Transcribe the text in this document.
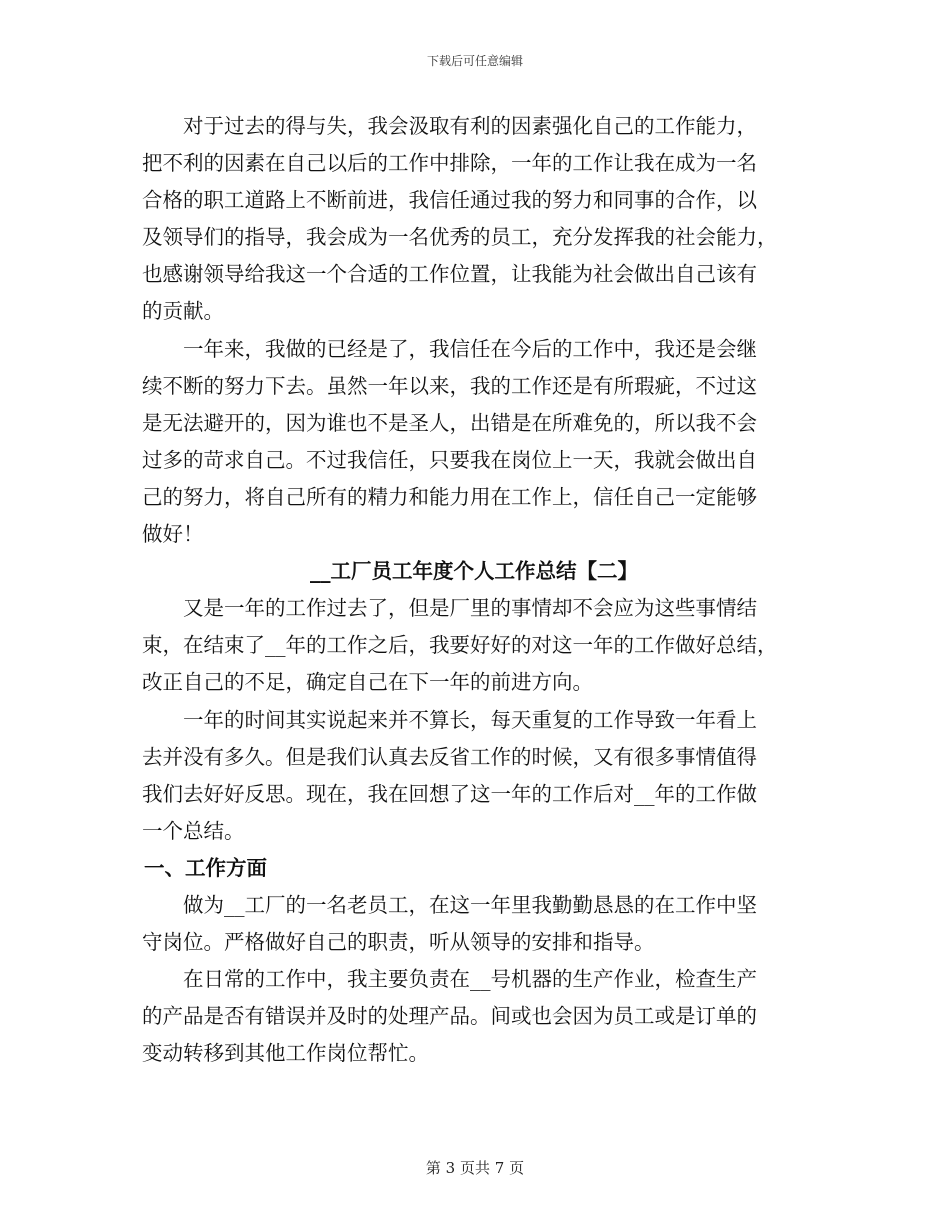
下载后可任意编辑

对于过去的得与失，我会汲取有利的因素强化自己的工作能力，
把不利的因素在自己以后的工作中排除，一年的工作让我在成为一名
合格的职工道路上不断前进，我信任通过我的努力和同事的合作，以
及领导们的指导，我会成为一名优秀的员工，充分发挥我的社会能力，
也感谢领导给我这一个合适的工作位置，让我能为社会做出自己该有
的贡献。

一年来，我做的已经是了，我信任在今后的工作中，我还是会继
续不断的努力下去。虽然一年以来，我的工作还是有所瑕疵，不过这
是无法避开的，因为谁也不是圣人，出错是在所难免的，所以我不会
过多的苛求自己。不过我信任，只要我在岗位上一天，我就会做出自
己的努力，将自己所有的精力和能力用在工作上，信任自己一定能够
做好！

__工厂员工年度个人工作总结【二】

又是一年的工作过去了，但是厂里的事情却不会应为这些事情结
束，在结束了__年的工作之后，我要好好的对这一年的工作做好总结，
改正自己的不足，确定自己在下一年的前进方向。

一年的时间其实说起来并不算长，每天重复的工作导致一年看上
去并没有多久。但是我们认真去反省工作的时候，又有很多事情值得
我们去好好反思。现在，我在回想了这一年的工作后对__年的工作做
一个总结。

一、工作方面

做为__工厂的一名老员工，在这一年里我勤勤恳恳的在工作中坚
守岗位。严格做好自己的职责，听从领导的安排和指导。

在日常的工作中，我主要负责在__号机器的生产作业，检查生产
的产品是否有错误并及时的处理产品。间或也会因为员工或是订单的
变动转移到其他工作岗位帮忙。

第 3 页共 7 页
